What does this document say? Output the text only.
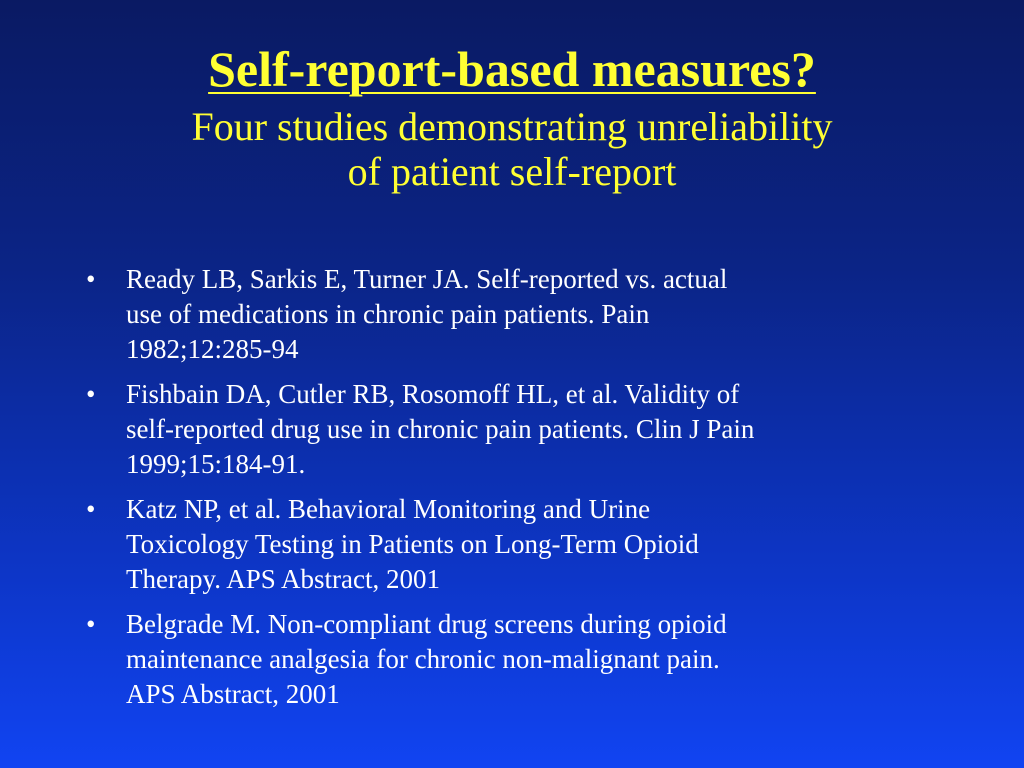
Self-report-based measures?

Four studies demonstrating unreliability
of patient self-report

• Ready LB, Sarkis E, Turner JA. Self-reported vs. actual
use of medications in chronic pain patients. Pain
1982;12:285-94
• Fishbain DA, Cutler RB, Rosomoff HL, et al. Validity of
self-reported drug use in chronic pain patients. Clin J Pain
1999;15:184-91.
• Katz NP, et al. Behavioral Monitoring and Urine
Toxicology Testing in Patients on Long-Term Opioid
Therapy. APS Abstract, 2001
• Belgrade M. Non-compliant drug screens during opioid
maintenance analgesia for chronic non-malignant pain.
APS Abstract, 2001
